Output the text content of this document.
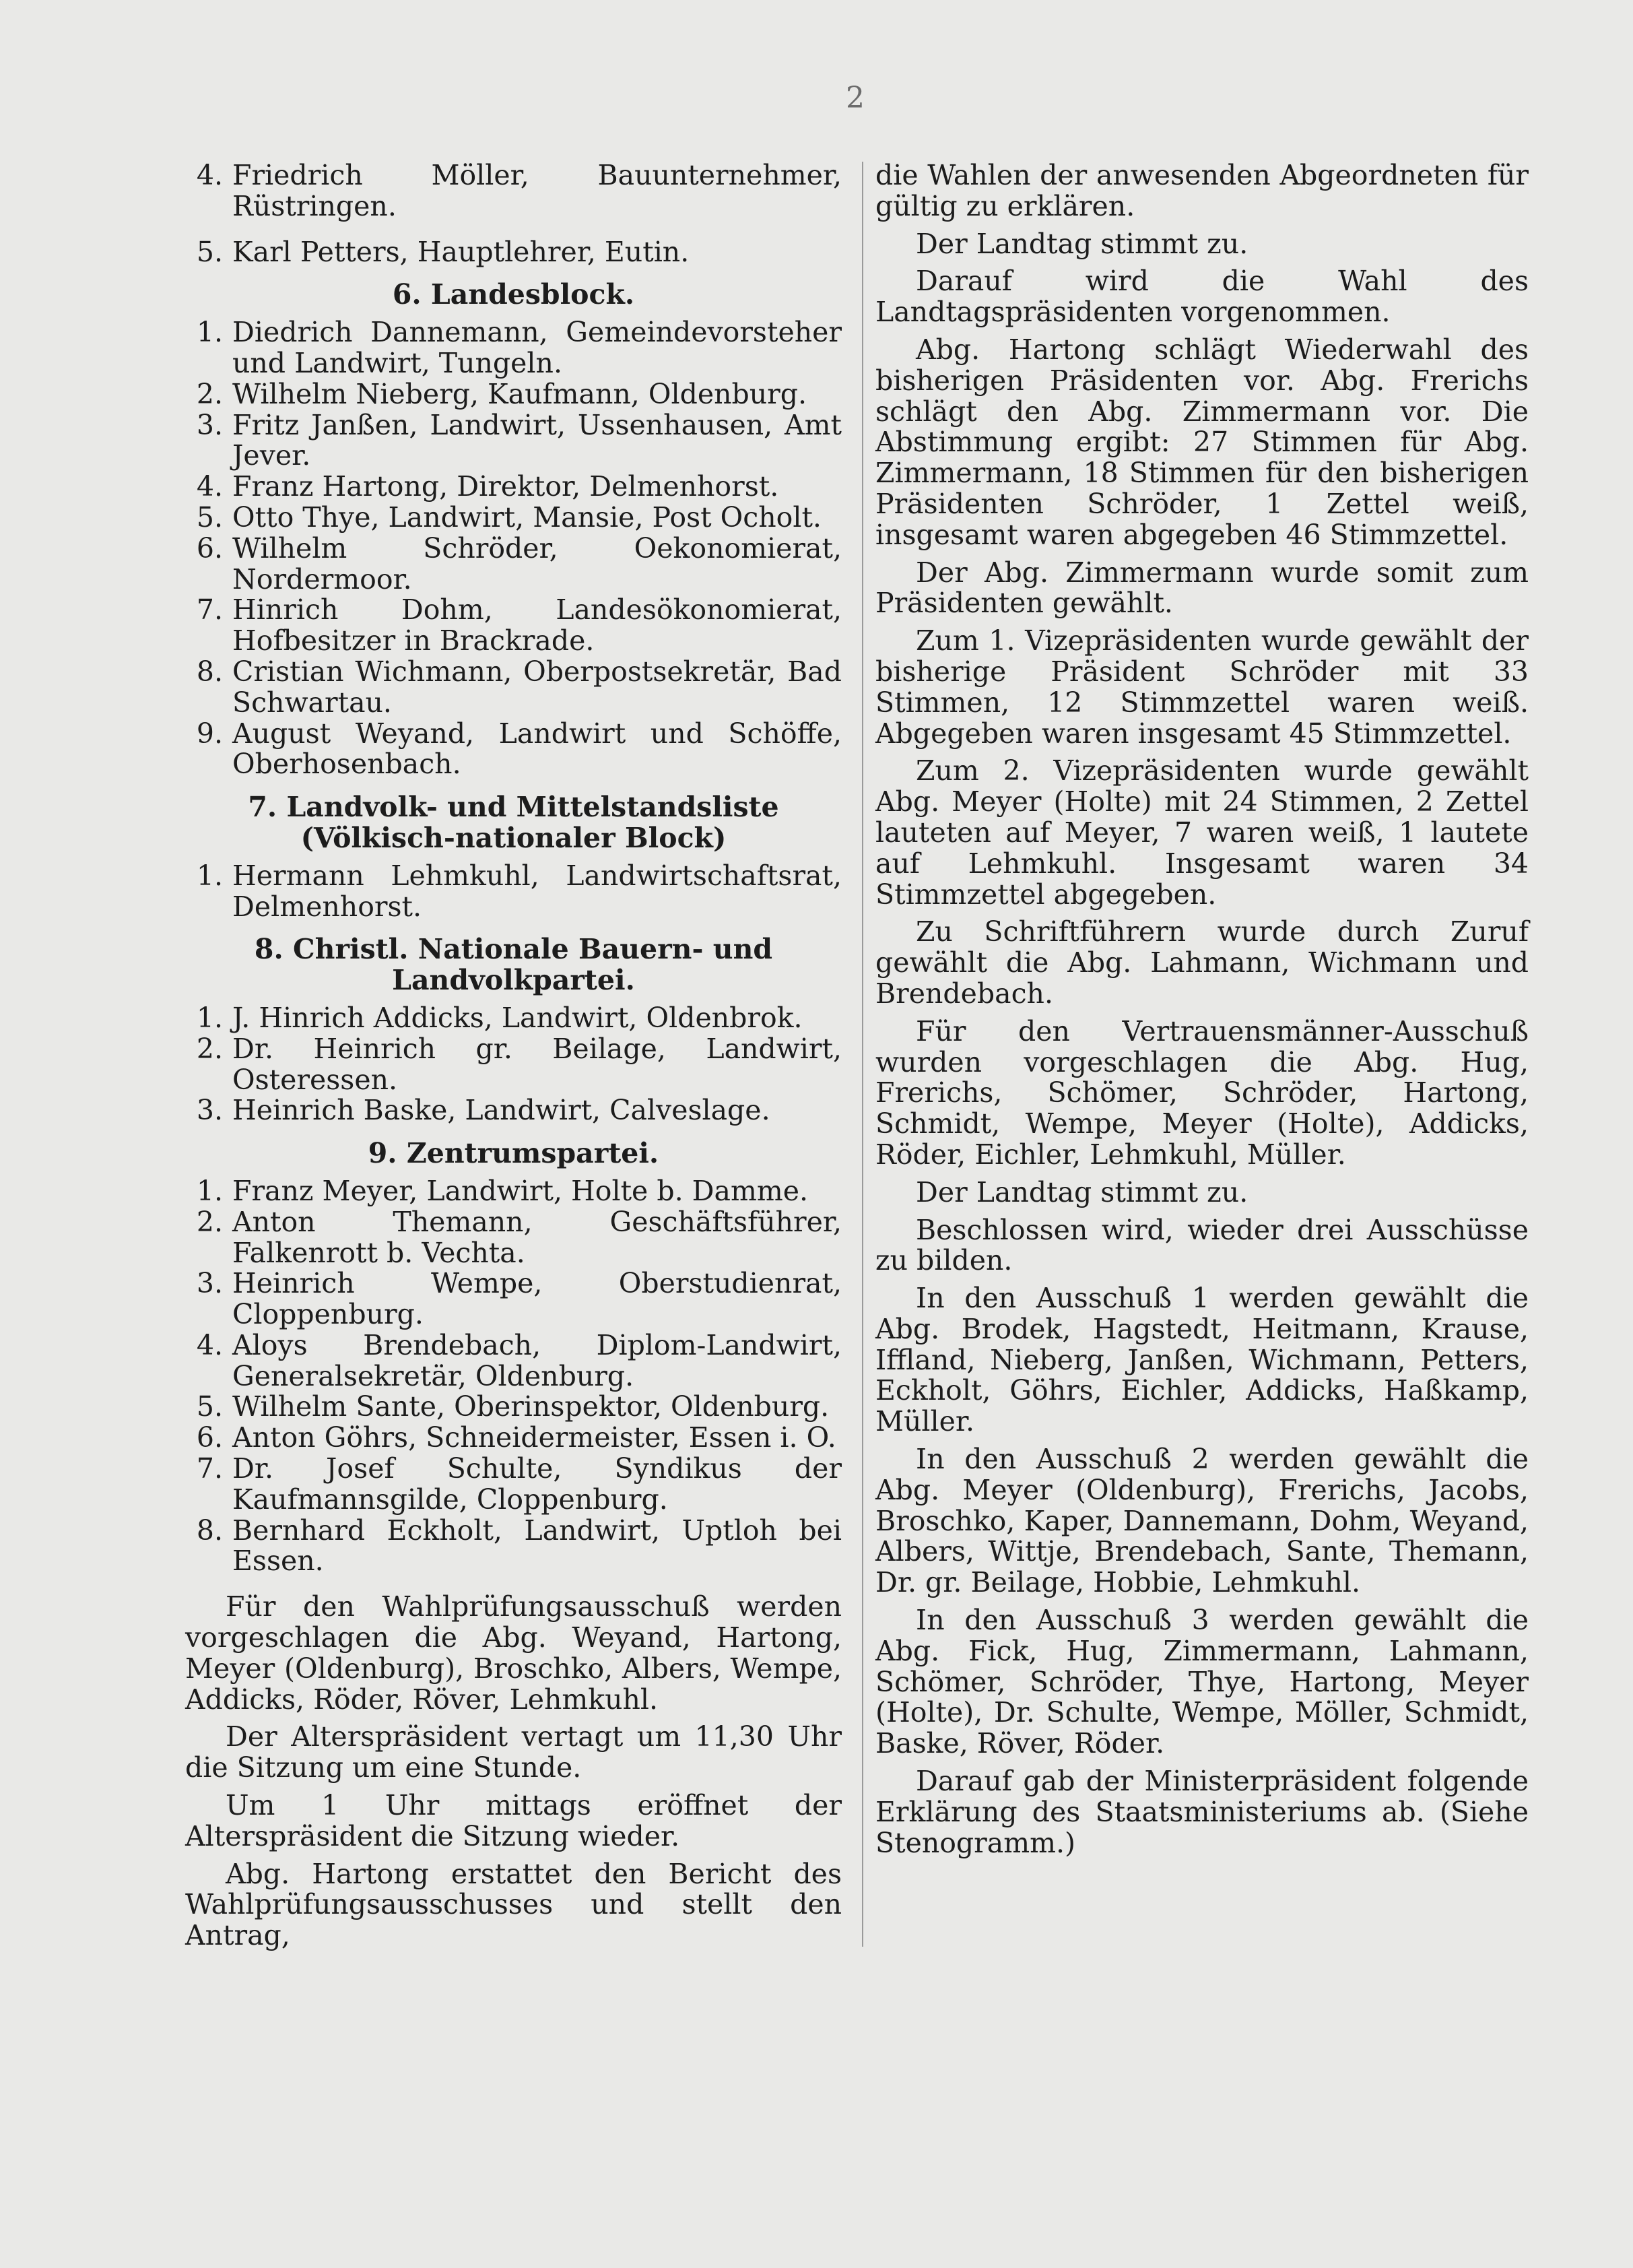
2
4. Friedrich Möller, Bauunternehmer, Rüstringen.
5. Karl Petters, Hauptlehrer, Eutin.
6. Landesblock.
1. Diedrich Dannemann, Gemeindevorsteher und Landwirt, Tungeln.
2. Wilhelm Nieberg, Kaufmann, Oldenburg.
3. Fritz Janßen, Landwirt, Ussenhausen, Amt Jever.
4. Franz Hartong, Direktor, Delmenhorst.
5. Otto Thye, Landwirt, Mansie, Post Ocholt.
6. Wilhelm Schröder, Oekonomierat, Nordermoor.
7. Hinrich Dohm, Landesökonomierat, Hofbesitzer in Brackrade.
8. Cristian Wichmann, Oberpostsekretär, Bad Schwartau.
9. August Weyand, Landwirt und Schöffe, Oberhosenbach.
7. Landvolk- und Mittelstandsliste (Völkisch-nationaler Block)
1. Hermann Lehmkuhl, Landwirtschaftsrat, Delmenhorst.
8. Christl. Nationale Bauern- und Landvolkpartei.
1. J. Hinrich Addicks, Landwirt, Oldenbrok.
2. Dr. Heinrich gr. Beilage, Landwirt, Osteressen.
3. Heinrich Baske, Landwirt, Calveslage.
9. Zentrumspartei.
1. Franz Meyer, Landwirt, Holte b. Damme.
2. Anton Themann, Geschäftsführer, Falkenrott b. Vechta.
3. Heinrich Wempe, Oberstudienrat, Cloppenburg.
4. Aloys Brendebach, Diplom-Landwirt, Generalsekretär, Oldenburg.
5. Wilhelm Sante, Oberinspektor, Oldenburg.
6. Anton Göhrs, Schneidermeister, Essen i. O.
7. Dr. Josef Schulte, Syndikus der Kaufmannsgilde, Cloppenburg.
8. Bernhard Eckholt, Landwirt, Uptloh bei Essen.

Für den Wahlprüfungsausschuß werden vorgeschlagen die Abg. Weyand, Hartong, Meyer (Oldenburg), Broschko, Albers, Wempe, Addicks, Röder, Röver, Lehmkuhl.

Der Alterspräsident vertagt um 11,30 Uhr die Sitzung um eine Stunde.

Um 1 Uhr mittags eröffnet der Alterspräsident die Sitzung wieder.

Abg. Hartong erstattet den Bericht des Wahlprüfungsausschusses und stellt den Antrag,

die Wahlen der anwesenden Abgeordneten für gültig zu erklären.

Der Landtag stimmt zu.

Darauf wird die Wahl des Landtagspräsidenten vorgenommen.

Abg. Hartong schlägt Wiederwahl des bisherigen Präsidenten vor. Abg. Frerichs schlägt den Abg. Zimmermann vor. Die Abstimmung ergibt: 27 Stimmen für Abg. Zimmermann, 18 Stimmen für den bisherigen Präsidenten Schröder, 1 Zettel weiß, insgesamt waren abgegeben 46 Stimmzettel.

Der Abg. Zimmermann wurde somit zum Präsidenten gewählt.

Zum 1. Vizepräsidenten wurde gewählt der bisherige Präsident Schröder mit 33 Stimmen, 12 Stimmzettel waren weiß. Abgegeben waren insgesamt 45 Stimmzettel.

Zum 2. Vizepräsidenten wurde gewählt Abg. Meyer (Holte) mit 24 Stimmen, 2 Zettel lauteten auf Meyer, 7 waren weiß, 1 lautete auf Lehmkuhl. Insgesamt waren 34 Stimmzettel abgegeben.

Zu Schriftführern wurde durch Zuruf gewählt die Abg. Lahmann, Wichmann und Brendebach.

Für den Vertrauensmänner-Ausschuß wurden vorgeschlagen die Abg. Hug, Frerichs, Schömer, Schröder, Hartong, Schmidt, Wempe, Meyer (Holte), Addicks, Röder, Eichler, Lehmkuhl, Müller.

Der Landtag stimmt zu.

Beschlossen wird, wieder drei Ausschüsse zu bilden.

In den Ausschuß 1 werden gewählt die Abg. Brodek, Hagstedt, Heitmann, Krause, Iffland, Nieberg, Janßen, Wichmann, Petters, Eckholt, Göhrs, Eichler, Addicks, Haßkamp, Müller.

In den Ausschuß 2 werden gewählt die Abg. Meyer (Oldenburg), Frerichs, Jacobs, Broschko, Kaper, Dannemann, Dohm, Weyand, Albers, Wittje, Brendebach, Sante, Themann, Dr. gr. Beilage, Hobbie, Lehmkuhl.

In den Ausschuß 3 werden gewählt die Abg. Fick, Hug, Zimmermann, Lahmann, Schömer, Schröder, Thye, Hartong, Meyer (Holte), Dr. Schulte, Wempe, Möller, Schmidt, Baske, Röver, Röder.

Darauf gab der Ministerpräsident folgende Erklärung des Staatsministeriums ab. (Siehe Stenogramm.)
